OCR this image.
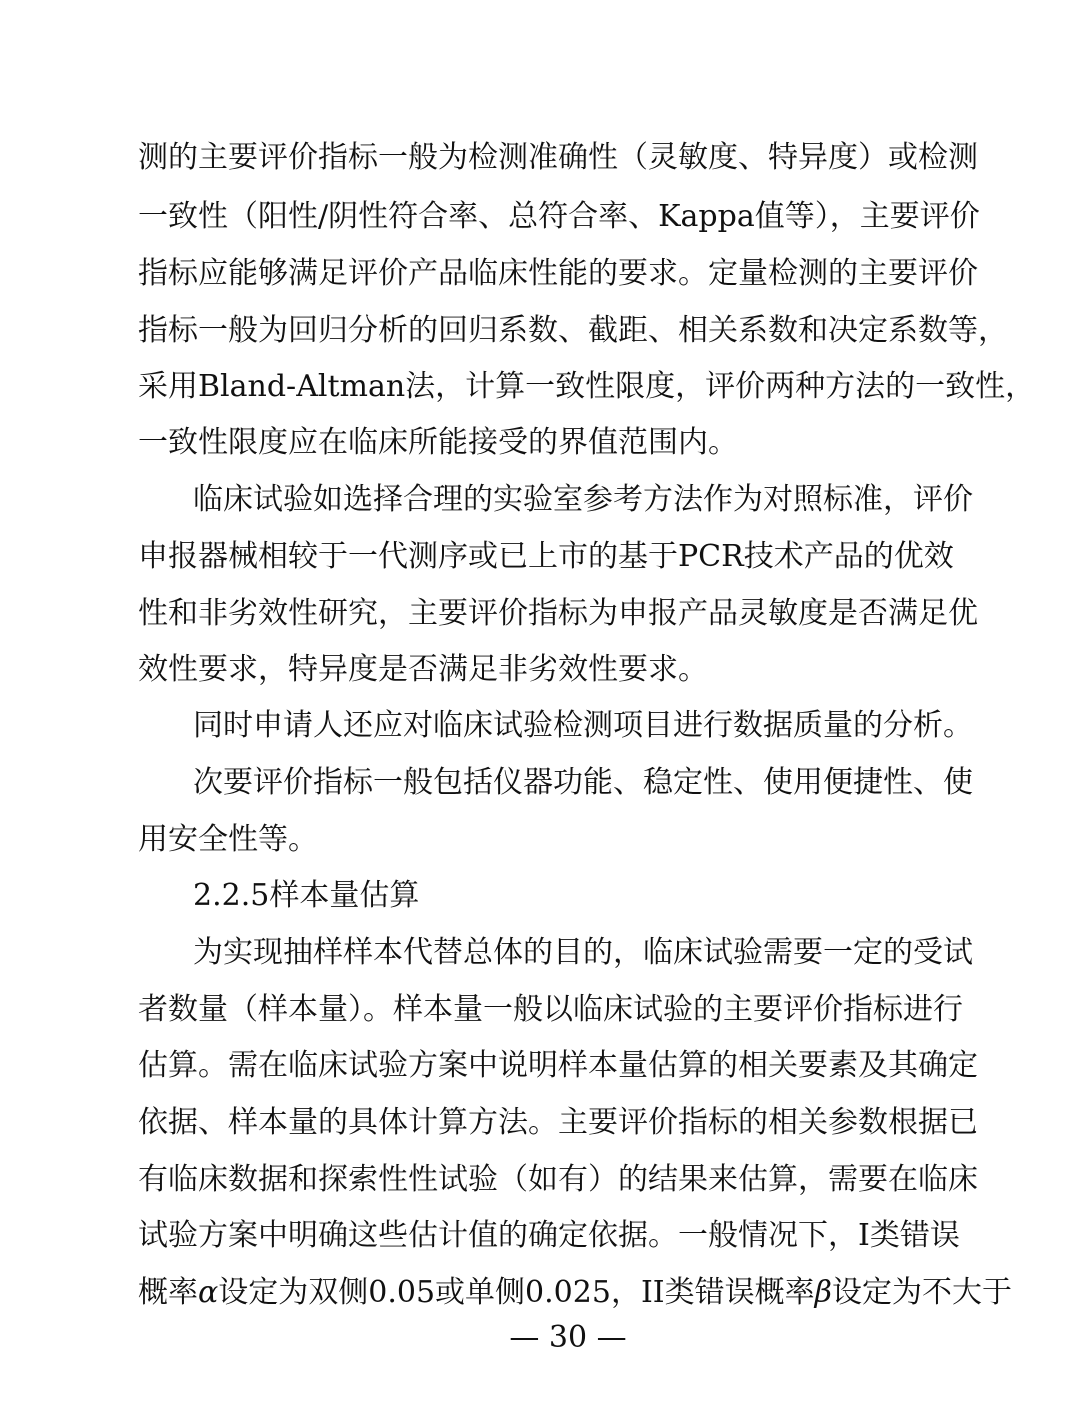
测的主要评价指标一般为检测准确性（灵敏度、特异度）或检测
一致性（阳性/阴性符合率、总符合率、Kappa值等），主要评价
指标应能够满足评价产品临床性能的要求。定量检测的主要评价
指标一般为回归分析的回归系数、截距、相关系数和决定系数等，
采用Bland-Altman法，计算一致性限度，评价两种方法的一致性，
一致性限度应在临床所能接受的界值范围内。
临床试验如选择合理的实验室参考方法作为对照标准，评价
申报器械相较于一代测序或已上市的基于PCR技术产品的优效
性和非劣效性研究，主要评价指标为申报产品灵敏度是否满足优
效性要求，特异度是否满足非劣效性要求。
同时申请人还应对临床试验检测项目进行数据质量的分析。
次要评价指标一般包括仪器功能、稳定性、使用便捷性、使
用安全性等。
2.2.5样本量估算
为实现抽样样本代替总体的目的，临床试验需要一定的受试
者数量（样本量）。样本量一般以临床试验的主要评价指标进行
估算。需在临床试验方案中说明样本量估算的相关要素及其确定
依据、样本量的具体计算方法。主要评价指标的相关参数根据已
有临床数据和探索性性试验（如有）的结果来估算，需要在临床
试验方案中明确这些估计值的确定依据。一般情况下，I类错误
概率α设定为双侧0.05或单侧0.025，II类错误概率β设定为不大于
— 30 —
